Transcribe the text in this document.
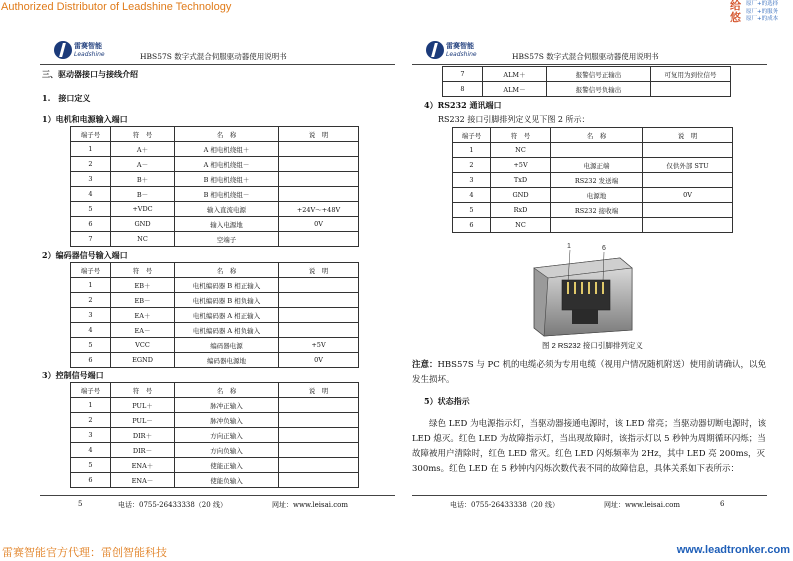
Authorized Distributor of Leadshine Technology	给悠
原厂+的选择
原厂+的服务
原厂+的成本
雷赛智能
Leadshine	HBS57S 数字式混合伺服驱动器使用说明书
三、驱动器接口与接线介绍
1.　接口定义
1）电机和电源输入端口
端子号	符　号	名　称	说　明
1	A＋	A 相电机绕组＋	
2	A－	A 相电机绕组－	
3	B＋	B 相电机绕组＋	
4	B－	B 相电机绕组－	
5	+VDC	输入直流电源	+24V～+48V
6	GND	输入电源地	0V
7	NC	空端子	
2）编码器信号输入端口
端子号	符　号	名　称	说　明
1	EB＋	电机编码器 B 相正输入	
2	EB－	电机编码器 B 相负输入	
3	EA＋	电机编码器 A 相正输入	
4	EA－	电机编码器 A 相负输入	
5	VCC	编码器电源	+5V
6	EGND	编码器电源地	0V
3）控制信号端口
端子号	符　号	名　称	说　明
1	PUL＋	脉冲正输入	
2	PUL－	脉冲负输入	
3	DIR＋	方向正输入	
4	DIR－	方向负输入	
5	ENA＋	使能正输入	
6	ENA－	使能负输入	
5	电话：0755-26433338（20 线）	网址：www.leisai.com
雷赛智能
Leadshine	HBS57S 数字式混合伺服驱动器使用说明书
7	ALM＋	报警信号正输出	可复用为到位信号
8	ALM－	报警信号负输出	
4）RS232 通讯端口
RS232 接口引脚排列定义见下图 2 所示：
端子号	符　号	名　称	说　明
1	NC		
2	+5V	电源正端	仅供外部 STU
3	TxD	RS232 发送端	
4	GND	电源地	0V
5	RxD	RS232 接收端	
6	NC		
1	6
图 2 RS232 接口引脚排列定义
注意：HBS57S 与 PC 机的电缆必须为专用电缆（视用户情况随机附送）使用前请确认，以免发生损坏。
5）状态指示
绿色 LED 为电源指示灯，当驱动器接通电源时，该 LED 常亮；当驱动器切断电源时，该 LED 熄灭。红色 LED 为故障指示灯，当出现故障时，该指示灯以 5 秒钟为周期循环闪烁；当故障被用户清除时，红色 LED 常灭。红色 LED 闪烁频率为 2Hz，其中 LED 亮 200ms，灭 300ms。红色 LED 在 5 秒钟内闪烁次数代表不同的故障信息，具体关系如下表所示：
电话：0755-26433338（20 线）	网址：www.leisai.com	6
雷赛智能官方代理：雷创智能科技	www.leadtronker.com
